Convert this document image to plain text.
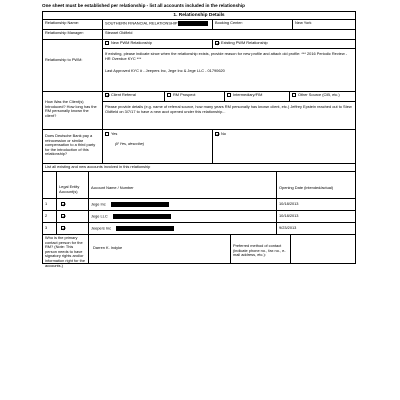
One sheet must be established per relationship - list all accounts included in the relationship
1. Relationship Details
Relationship Name:	SOUTHERN FINANCIAL RELATIONSHIP	Booking Center:	New York
Relationship Manager:	Stewart Oldfield
Relationship to PWM:
New PWM Relationship	Existing PWM Relationship
If existing, please indicate since when the relationship exists, provide reason for new profile and attach old profile: *** 2016 Periodic Review - HR Overdue KYC ***
Last Approved KYC # - Jeepers Inc, Jege Inc & Jege LLC - 01790620
How Was the Client(s) Introduced? How long has the RM personally known the client?
Client Referral	RM Prospect	Intermediary/FIM	Other Source (CIB, etc.)
Please provide details (e.g. name of referral source, how many years RM personally has known client, etc.) Jeffrey Epstein reached out to Stew Oldfield on 3/7/17 to have a new acct opened under this relationship...
Does Deutsche Bank pay a retrocession or similar compensation to a third party for the introduction of this relationship?
Yes
(If Yes, describe)
No
List all existing and new accounts involved in this relationship
Legal Entity Account(s)
Account Name / Number	Opening Date (intended/actual)
1	Jege Inc	10/18/2013
2	Jege LLC	10/18/2013
3	Jeepers Inc	9/23/2013
Who is the primary contact person for the RM? (Note: This person needs to have signatory rights and/or information right for the accounts.)
Darren K. Indyke	Preferred method of contact (indicate phone no., fax no., e-mail address, etc.):
